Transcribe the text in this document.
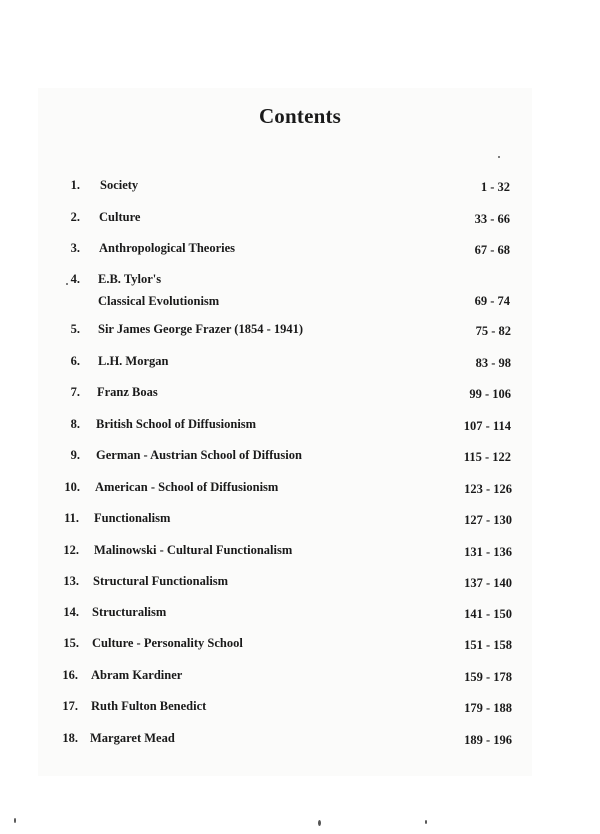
Contents
1. Society	1 - 32
2. Culture	33 - 66
3. Anthropological Theories	67 - 68
4. E.B. Tylor's
Classical Evolutionism	69 - 74
5. Sir James George Frazer (1854 - 1941)	75 - 82
6. L.H. Morgan	83 - 98
7. Franz Boas	99 - 106
8. British School of Diffusionism	107 - 114
9. German - Austrian School of Diffusion	115 - 122
10. American - School of Diffusionism	123 - 126
11. Functionalism	127 - 130
12. Malinowski - Cultural Functionalism	131 - 136
13. Structural Functionalism	137 - 140
14. Structuralism	141 - 150
15. Culture - Personality School	151 - 158
16. Abram Kardiner	159 - 178
17. Ruth Fulton Benedict	179 - 188
18. Margaret Mead	189 - 196
